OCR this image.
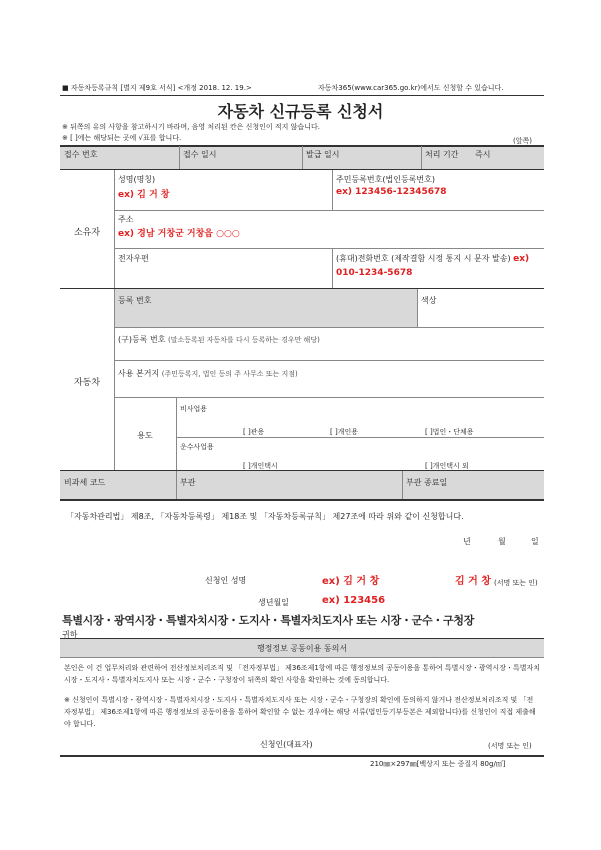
■ 자동차등록규칙 [별지 제9호 서식] <개정 2018. 12. 19.>	자동차365(www.car365.go.kr)에서도 신청할 수 있습니다.
자동차 신규등록 신청서
※ 뒤쪽의 유의 사항을 참고하시기 바라며, 음영 처리된 칸은 신청인이 적지 않습니다.
※ [ ]에는 해당되는 곳에 √표를 합니다.	(앞쪽)
접수 번호	접수 일시	발급 일시	처리 기간 즉시
소유자
성명(명칭)
ex) 김 거 창
주민등록번호(법인등록번호)
ex) 123456-12345678
주소
ex) 경남 거창군 거창읍 ○○○
전자우편	(휴대)전화번호 (제작결함 시정 통지 시 문자 발송) ex) 010-1234-5678
자동차
등록 번호	색상
(구)등록 번호 (말소등록된 자동차를 다시 등록하는 경우만 해당)
사용 본거지 (주민등록지, 법인 등의 주 사무소 또는 지점)
용도
비사업용
[ ]관용	[ ]개인용	[ ]법인・단체용
운수사업용
[ ]개인택시	[ ]개인택시 외
비과세 코드	부관	부관 종료일
「자동차관리법」 제8조, 「자동차등록령」 제18조 및 「자동차등록규칙」 제27조에 따라 위와 같이 신청합니다.
년	월	일
신청인 성명	ex) 김 거 창	김 거 창 (서명 또는 인)
생년월일	ex) 123456
특별시장・광역시장・특별자치시장・도지사・특별자치도지사 또는 시장・군수・구청장
귀하
행정정보 공동이용 동의서
본인은 이 건 업무처리와 관련하여 전산정보처리조직 및 「전자정부법」 제36조제1항에 따른 행정정보의 공동이용을 통하여 특별시장・광역시장・특별자치시장・도지사・특별자치도지사 또는 시장・군수・구청장이 뒤쪽의 확인 사항을 확인하는 것에 동의합니다.
※ 신청인이 특별시장・광역시장・특별자치시장・도지사・특별자치도지사 또는 시장・군수・구청장의 확인에 동의하지 않거나 전산정보처리조직 및 「전자정부법」 제36조제1항에 따른 행정정보의 공동이용을 통하여 확인할 수 없는 경우에는 해당 서류(법인등기부등본은 제외합니다)를 신청인이 직접 제출해야 합니다.
신청인(대표자)	(서명 또는 인)
210㎜×297㎜[백상지 또는 중질지 80g/㎡]
